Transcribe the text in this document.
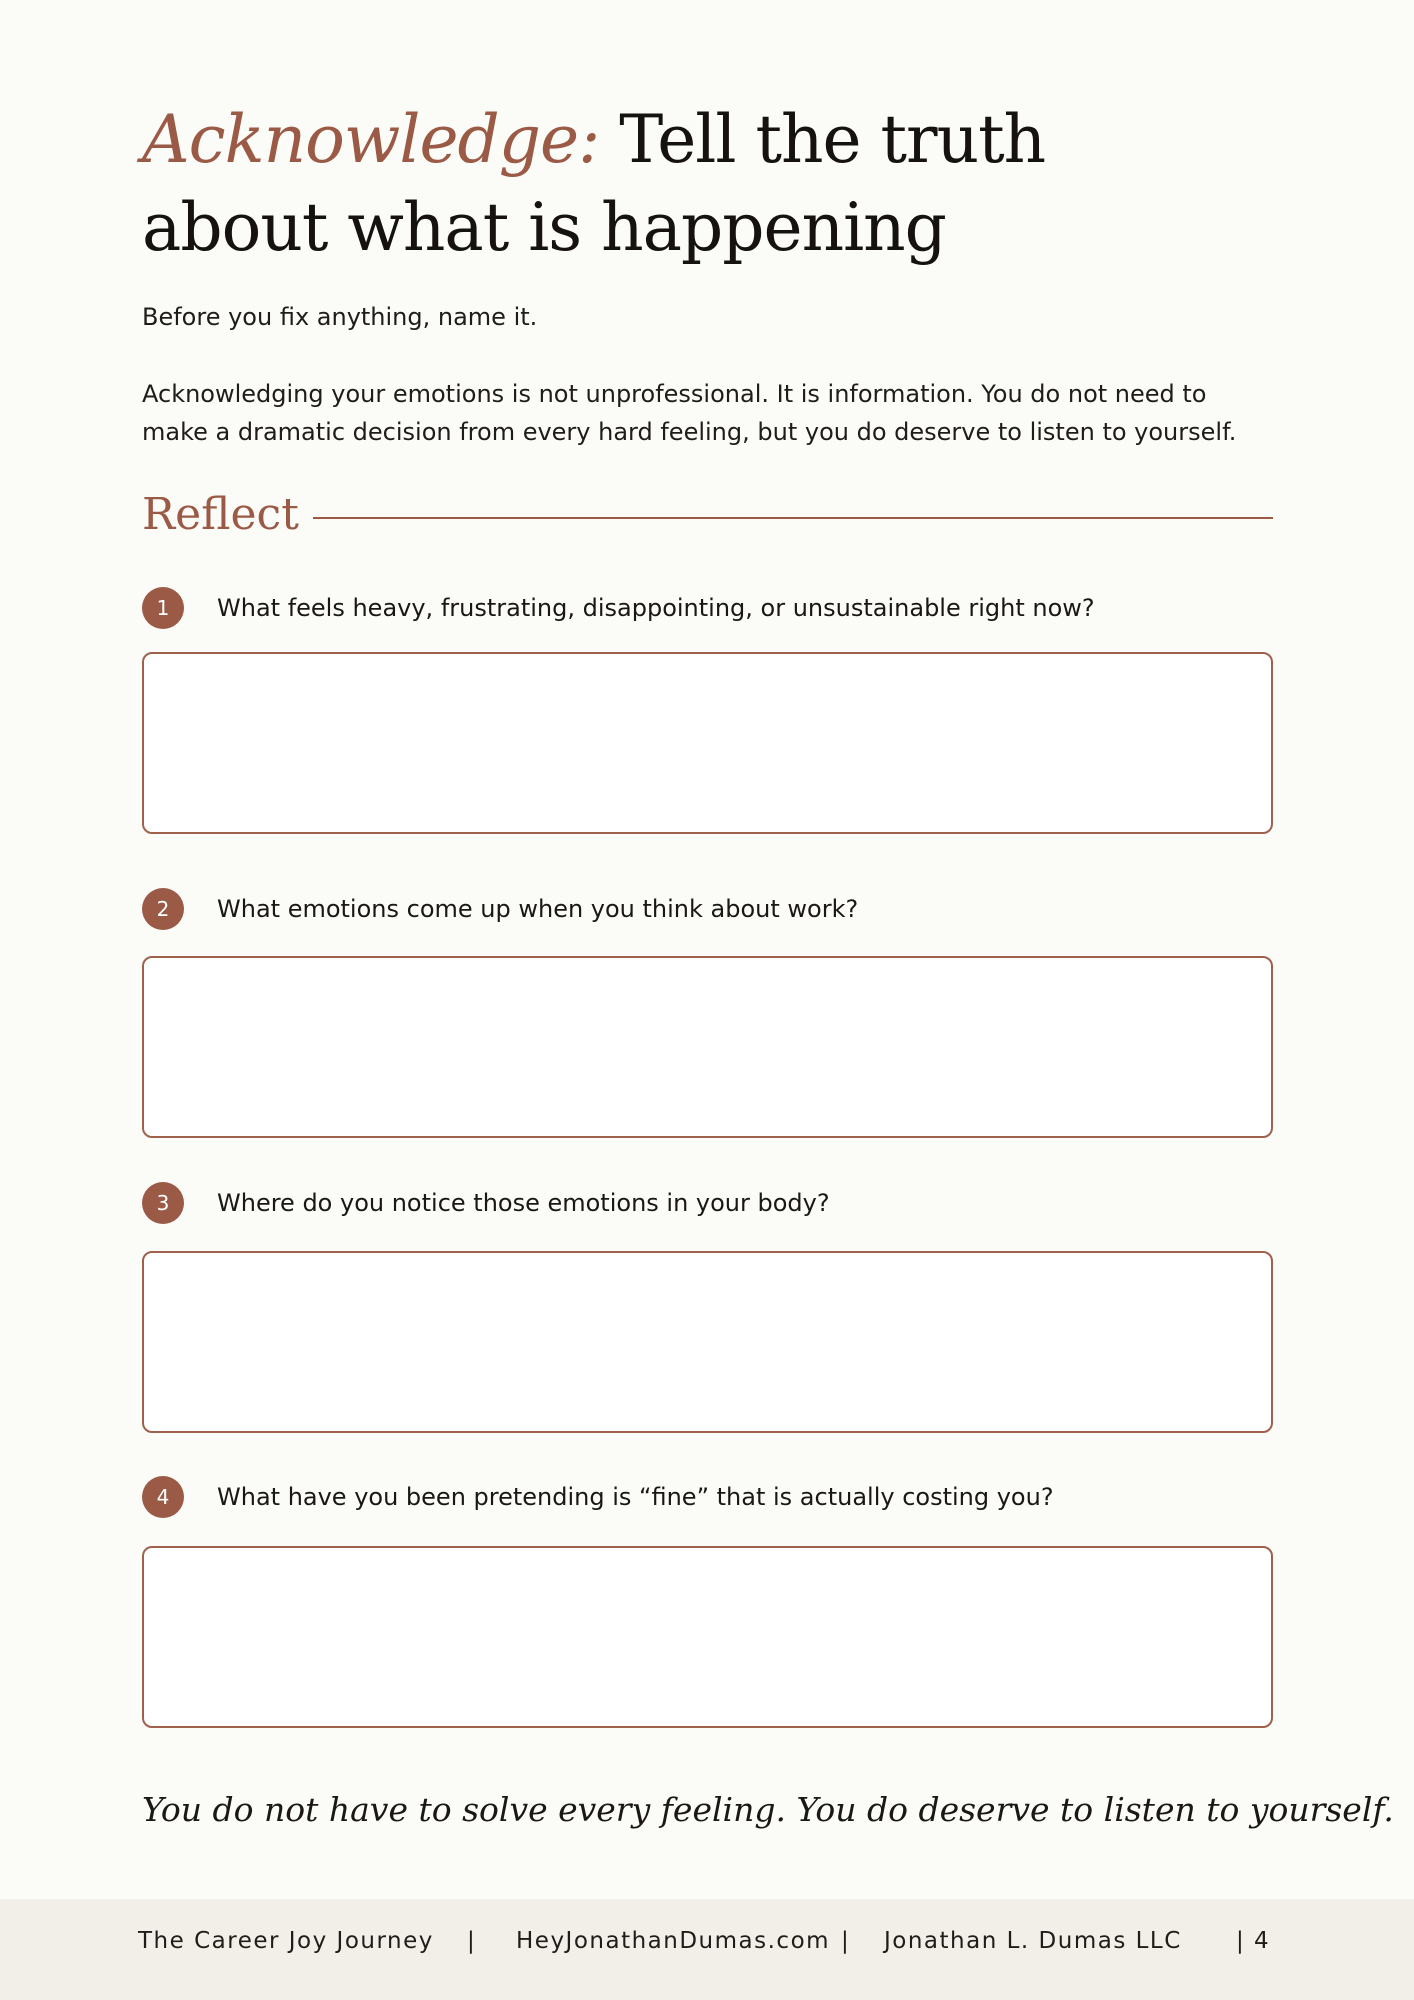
Acknowledge: Tell the truth about what is happening

Before you fix anything, name it.

Acknowledging your emotions is not unprofessional. It is information. You do not need to make a dramatic decision from every hard feeling, but you do deserve to listen to yourself.

Reflect
1	What feels heavy, frustrating, disappointing, or unsustainable right now?
2	What emotions come up when you think about work?
3	Where do you notice those emotions in your body?
4	What have you been pretending is “fine” that is actually costing you?

You do not have to solve every feeling. You do deserve to listen to yourself.

The Career Joy Journey | HeyJonathanDumas.com | Jonathan L. Dumas LLC | 4
